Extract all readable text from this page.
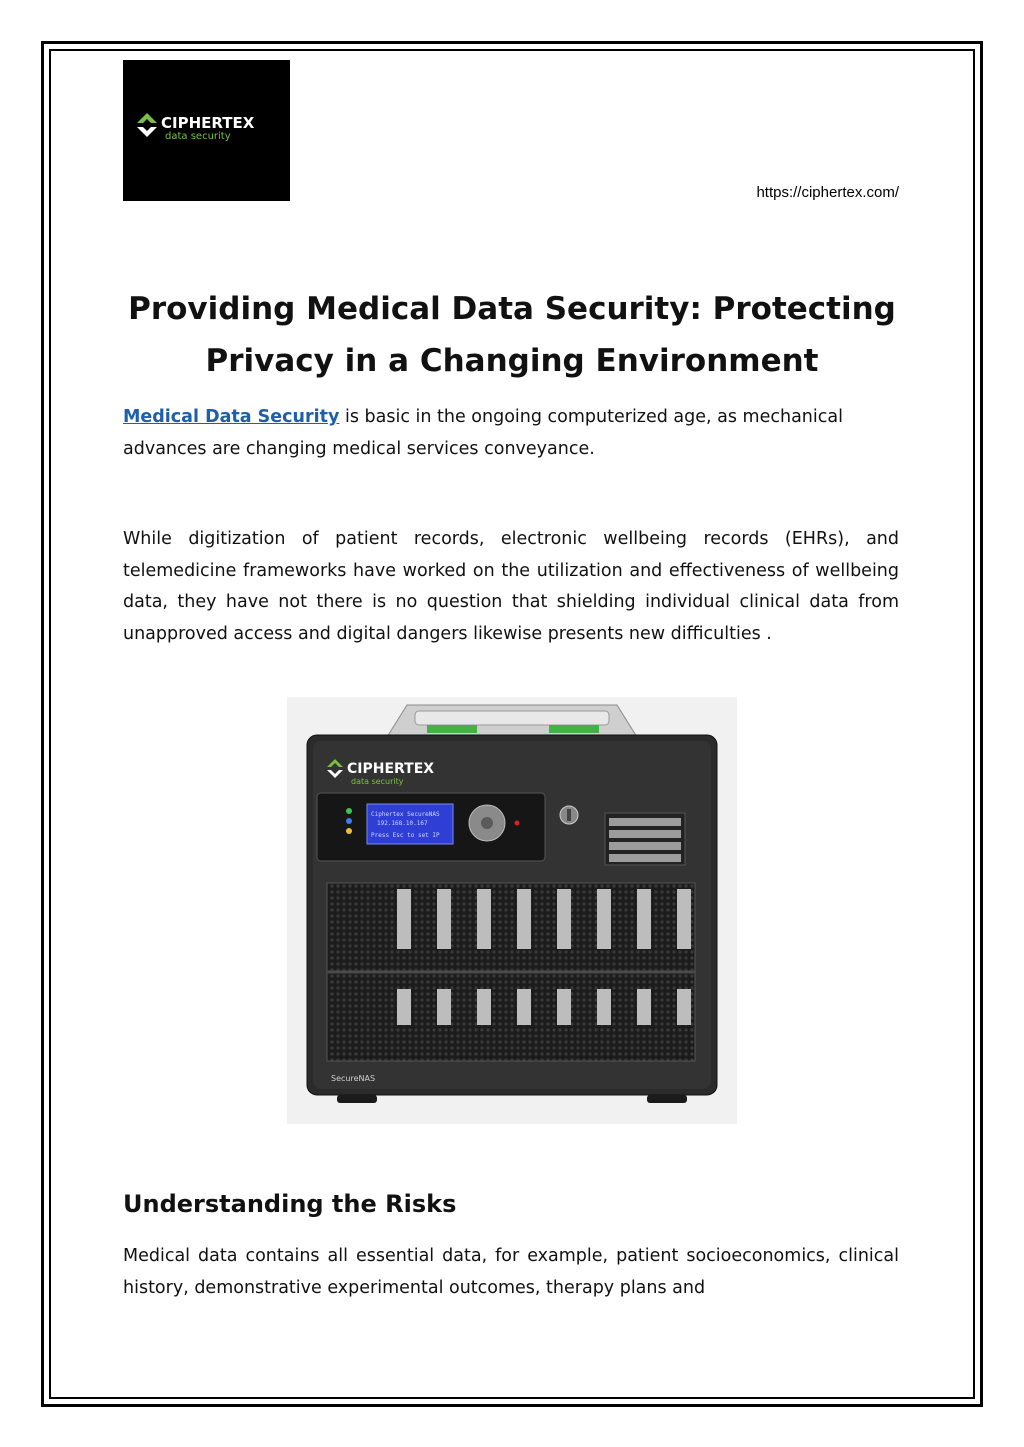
CIPHERTEX
data security
https://ciphertex.com/
Providing Medical Data Security: Protecting
Privacy in a Changing Environment

Medical Data Security is basic in the ongoing computerized age, as mechanical advances are changing medical services conveyance.

While digitization of patient records, electronic wellbeing records (EHRs), and telemedicine frameworks have worked on the utilization and effectiveness of wellbeing data, they have not there is no question that shielding individual clinical data from unapproved access and digital dangers likewise presents new difficulties .

CIPHERTEX
data security
Ciphertex SecureNAS
192.168.10.167
Press Esc to set IP
SecureNAS
Understanding the Risks

Medical data contains all essential data, for example, patient socioeconomics, clinical history, demonstrative experimental outcomes, therapy plans and
